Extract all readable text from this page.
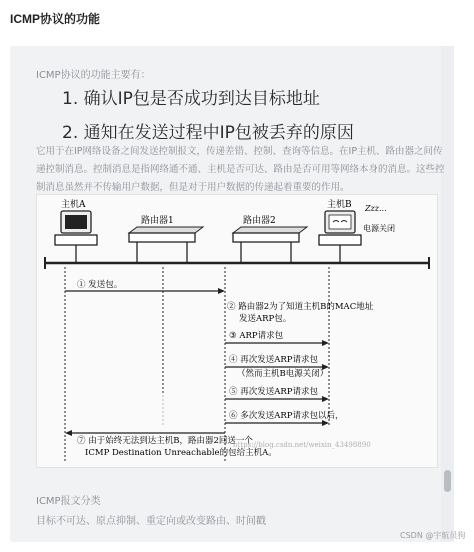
ICMP协议的功能
ICMP协议的功能主要有：
1. 确认IP包是否成功到达目标地址
2. 通知在发送过程中IP包被丢弃的原因
它用于在IP网络设备之间发送控制报文，传递差错、控制、查询等信息。在IP主机、路由器之间传
递控制消息。控制消息是指网络通不通、主机是否可达、路由是否可用等网络本身的消息。这些控
制消息虽然并不传输用户数据，但是对于用户数据的传递起着重要的作用。
主机A
路由器1	路由器2
主机B Zzz...
电源关闭
① 发送包。
② 路由器2为了知道主机B的MAC地址
发送ARP包。
③ ARP请求包
④ 再次发送ARP请求包
（然而主机B电源关闭）
⑤ 再次发送ARP请求包
⑥ 多次发送ARP请求包以后，
⑦ 由于始终无法到达主机B，路由器2回送一个
ICMP Destination Unreachable的包给主机A。
https://blog.csdn.net/weixin_43498890
ICMP报文分类
目标不可达、原点抑制、重定向或改变路由、时间戳
CSDN @宇航员狗
